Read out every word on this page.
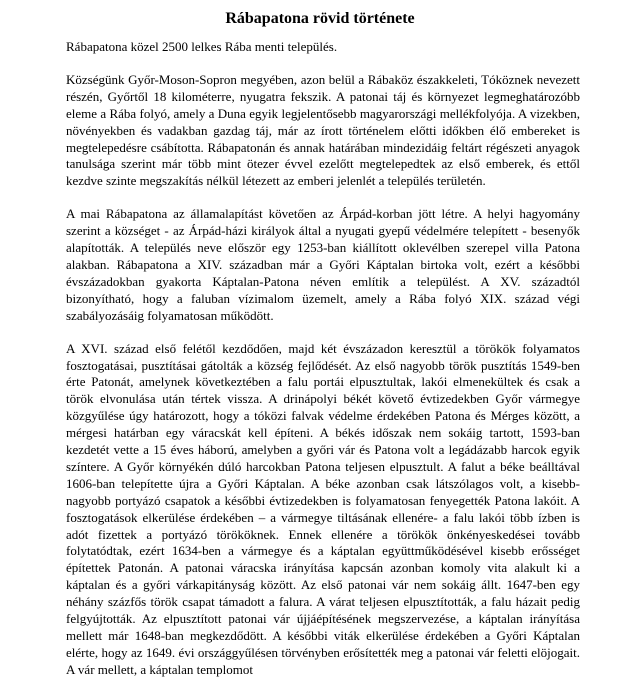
Rábapatona rövid története

Rábapatona közel 2500 lelkes Rába menti település.

Községünk Győr-Moson-Sopron megyében, azon belül a Rábaköz északkeleti, Tóköznek nevezett részén, Győrtől 18 kilométerre, nyugatra fekszik. A patonai táj és környezet legmeghatározóbb eleme a Rába folyó, amely a Duna egyik legjelentősebb magyarországi mellékfolyója. A vizekben, növényekben és vadakban gazdag táj, már az írott történelem előtti időkben élő embereket is megtelepedésre csábította. Rábapatonán és annak határában mindezidáig feltárt régészeti anyagok tanulsága szerint már több mint ötezer évvel ezelőtt megtelepedtek az első emberek, és ettől kezdve szinte megszakítás nélkül létezett az emberi jelenlét a település területén.

A mai Rábapatona az államalapítást követően az Árpád-korban jött létre. A helyi hagyomány szerint a községet - az Árpád-házi királyok által a nyugati gyepű védelmére telepített - besenyők alapították. A település neve először egy 1253-ban kiállított oklevélben szerepel villa Patona alakban. Rábapatona a XIV. században már a Győri Káptalan birtoka volt, ezért a későbbi évszázadokban gyakorta Káptalan-Patona néven említik a települést. A XV. századtól bizonyítható, hogy a faluban vízimalom üzemelt, amely a Rába folyó XIX. század végi szabályozásáig folyamatosan működött.

A XVI. század első felétől kezdődően, majd két évszázadon keresztül a törökök folyamatos fosztogatásai, pusztításai gátolták a község fejlődését. Az első nagyobb török pusztítás 1549-ben érte Patonát, amelynek következtében a falu portái elpusztultak, lakói elmenekültek és csak a török elvonulása után tértek vissza. A drinápolyi békét követő évtizedekben Győr vármegye közgyűlése úgy határozott, hogy a tóközi falvak védelme érdekében Patona és Mérges között, a mérgesi határban egy váracskát kell építeni. A békés időszak nem sokáig tartott, 1593-ban kezdetét vette a 15 éves háború, amelyben a győri vár és Patona volt a legádázabb harcok egyik színtere. A Győr környékén dúló harcokban Patona teljesen elpusztult. A falut a béke beálltával 1606-ban telepítette újra a Győri Káptalan. A béke azonban csak látszólagos volt, a kisebb-nagyobb portyázó csapatok a későbbi évtizedekben is folyamatosan fenyegették Patona lakóit. A fosztogatások elkerülése érdekében – a vármegye tiltásának ellenére- a falu lakói több ízben is adót fizettek a portyázó törököknek. Ennek ellenére a törökök önkényeskedései tovább folytatódtak, ezért 1634-ben a vármegye és a káptalan együttműködésével kisebb erősséget építettek Patonán. A patonai váracska irányítása kapcsán azonban komoly vita alakult ki a káptalan és a győri várkapitányság között. Az első patonai vár nem sokáig állt. 1647-ben egy néhány százfős török csapat támadott a falura. A várat teljesen elpusztították, a falu házait pedig felgyújtották. Az elpusztított patonai vár újjáépítésének megszervezése, a káptalan irányítása mellett már 1648-ban megkezdődött. A későbbi viták elkerülése érdekében a Győri Káptalan elérte, hogy az 1649. évi országgyűlésen törvényben erősítették meg a patonai vár feletti elöjogait. A vár mellett, a káptalan templomot
